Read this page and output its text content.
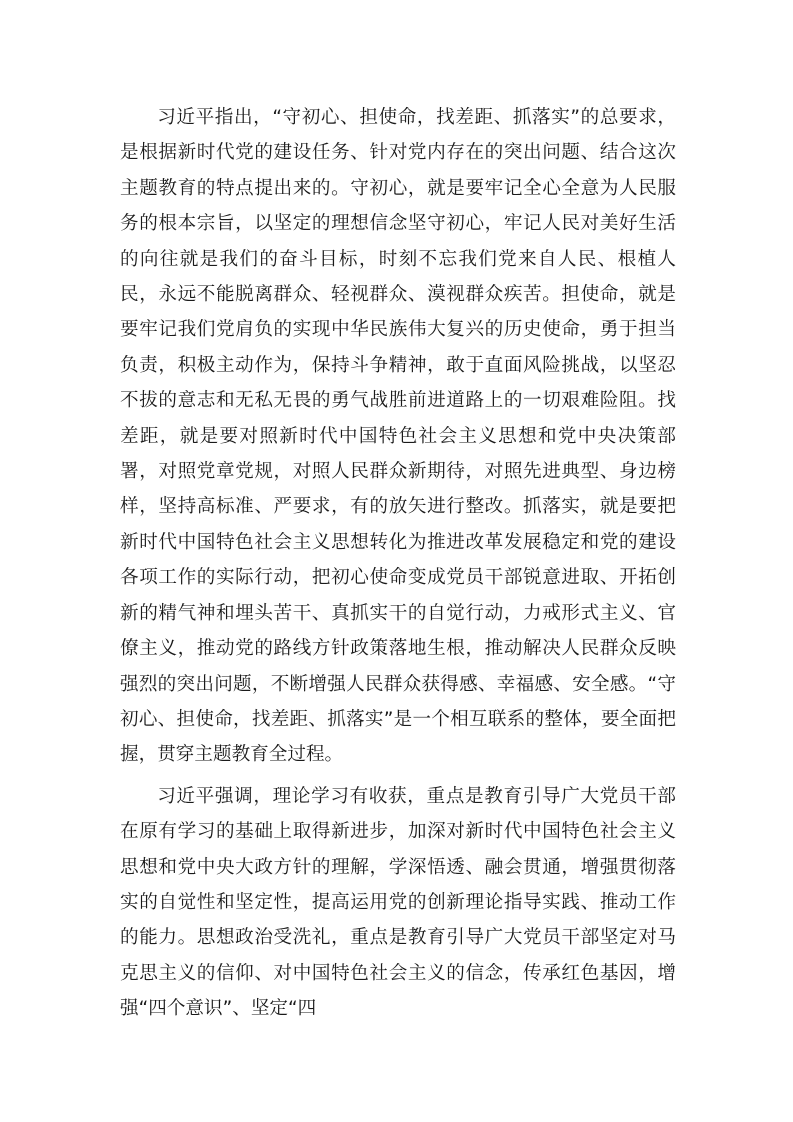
习近平指出，“守初心、担使命，找差距、抓落实”的总要求，是根据新时代党的建设任务、针对党内存在的突出问题、结合这次主题教育的特点提出来的。守初心，就是要牢记全心全意为人民服务的根本宗旨，以坚定的理想信念坚守初心，牢记人民对美好生活的向往就是我们的奋斗目标，时刻不忘我们党来自人民、根植人民，永远不能脱离群众、轻视群众、漠视群众疾苦。担使命，就是要牢记我们党肩负的实现中华民族伟大复兴的历史使命，勇于担当负责，积极主动作为，保持斗争精神，敢于直面风险挑战，以坚忍不拔的意志和无私无畏的勇气战胜前进道路上的一切艰难险阻。找差距，就是要对照新时代中国特色社会主义思想和党中央决策部署，对照党章党规，对照人民群众新期待，对照先进典型、身边榜样，坚持高标准、严要求，有的放矢进行整改。抓落实，就是要把新时代中国特色社会主义思想转化为推进改革发展稳定和党的建设各项工作的实际行动，把初心使命变成党员干部锐意进取、开拓创新的精气神和埋头苦干、真抓实干的自觉行动，力戒形式主义、官僚主义，推动党的路线方针政策落地生根，推动解决人民群众反映强烈的突出问题，不断增强人民群众获得感、幸福感、安全感。“守初心、担使命，找差距、抓落实”是一个相互联系的整体，要全面把握，贯穿主题教育全过程。

习近平强调，理论学习有收获，重点是教育引导广大党员干部在原有学习的基础上取得新进步，加深对新时代中国特色社会主义思想和党中央大政方针的理解，学深悟透、融会贯通，增强贯彻落实的自觉性和坚定性，提高运用党的创新理论指导实践、推动工作的能力。思想政治受洗礼，重点是教育引导广大党员干部坚定对马克思主义的信仰、对中国特色社会主义的信念，传承红色基因，增强“四个意识”、坚定“四
